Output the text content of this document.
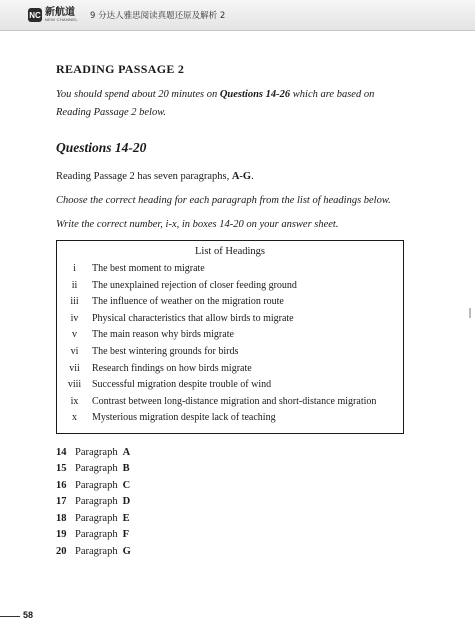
NC 新航道
NEW CHANNEL 9 分达人雅思阅读真题还原及解析 2

READING PASSAGE 2

You should spend about 20 minutes on Questions 14-26 which are based on Reading Passage 2 below.

Questions 14-20

Reading Passage 2 has seven paragraphs, A-G.

Choose the correct heading for each paragraph from the list of headings below.

Write the correct number, i-x, in boxes 14-20 on your answer sheet.

List of Headings
i	The best moment to migrate
ii	The unexplained rejection of closer feeding ground
iii	The influence of weather on the migration route
iv	Physical characteristics that allow birds to migrate
v	The main reason why birds migrate
vi	The best wintering grounds for birds
vii	Research findings on how birds migrate
viii	Successful migration despite trouble of wind
ix	Contrast between long-distance migration and short-distance migration
x	Mysterious migration despite lack of teaching
14 Paragraph A
15 Paragraph B
16 Paragraph C
17 Paragraph D
18 Paragraph E
19 Paragraph F
20 Paragraph G
58
